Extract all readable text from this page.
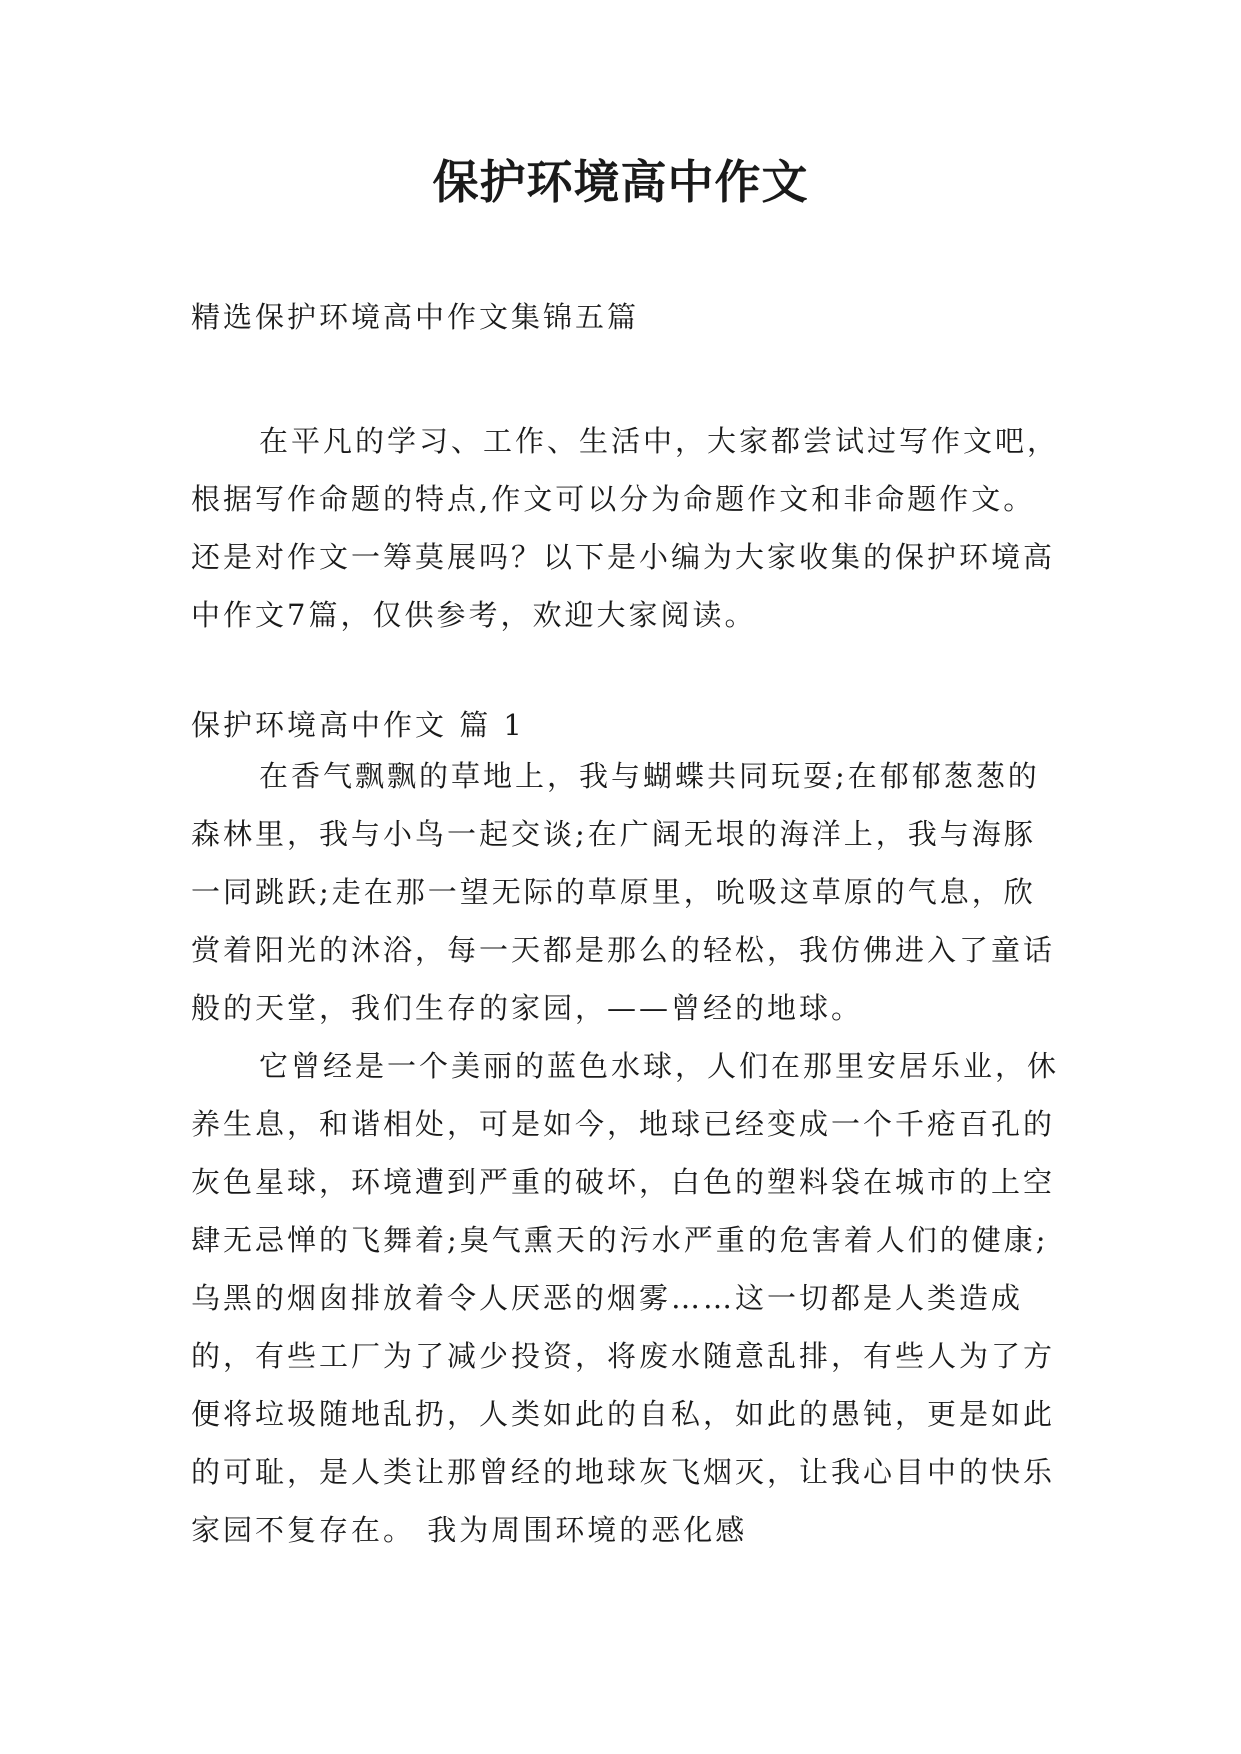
保护环境高中作文
精选保护环境高中作文集锦五篇

在平凡的学习、工作、生活中，大家都尝试过写作文吧，根据写作命题的特点,作文可以分为命题作文和非命题作文。还是对作文一筹莫展吗？以下是小编为大家收集的保护环境高中作文7篇，仅供参考，欢迎大家阅读。

保护环境高中作文 篇 1

在香气飘飘的草地上，我与蝴蝶共同玩耍;在郁郁葱葱的森林里，我与小鸟一起交谈;在广阔无垠的海洋上，我与海豚一同跳跃;走在那一望无际的草原里，吮吸这草原的气息，欣赏着阳光的沐浴，每一天都是那么的轻松，我仿佛进入了童话般的天堂，我们生存的家园，——曾经的地球。

它曾经是一个美丽的蓝色水球，人们在那里安居乐业，休养生息，和谐相处，可是如今，地球已经变成一个千疮百孔的灰色星球，环境遭到严重的破坏，白色的塑料袋在城市的上空肆无忌惮的飞舞着;臭气熏天的污水严重的危害着人们的健康;乌黑的烟囱排放着令人厌恶的烟雾……这一切都是人类造成的，有些工厂为了减少投资，将废水随意乱排，有些人为了方便将垃圾随地乱扔，人类如此的自私，如此的愚钝，更是如此的可耻，是人类让那曾经的地球灰飞烟灭，让我心目中的快乐家园不复存在。 我为周围环境的恶化感
